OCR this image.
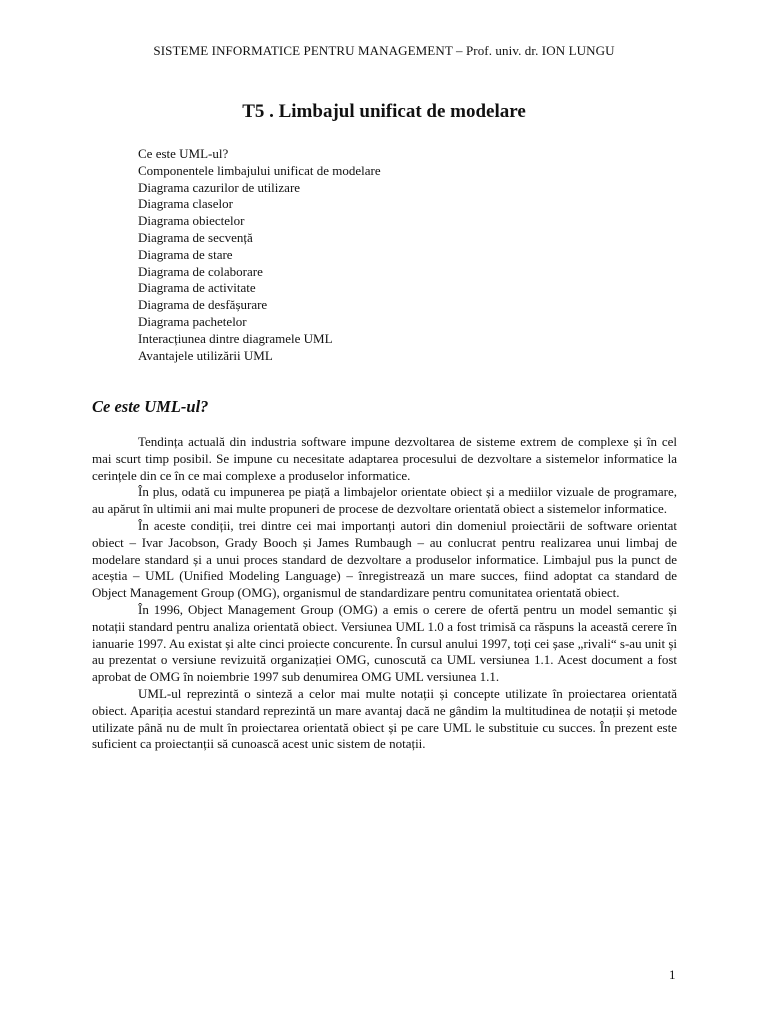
SISTEME INFORMATICE PENTRU MANAGEMENT – Prof. univ. dr. ION LUNGU
T5 . Limbajul unificat de modelare
Ce este UML-ul?
Componentele limbajului unificat de modelare
Diagrama cazurilor de utilizare
Diagrama claselor
Diagrama obiectelor
Diagrama de secvență
Diagrama de stare
Diagrama de colaborare
Diagrama de activitate
Diagrama de desfășurare
Diagrama pachetelor
Interacțiunea dintre diagramele UML
Avantajele utilizării UML
Ce este UML-ul?

Tendința actuală din industria software impune dezvoltarea de sisteme extrem de complexe și în cel mai scurt timp posibil. Se impune cu necesitate adaptarea procesului de dezvoltare a sistemelor informatice la cerințele din ce în ce mai complexe a produselor informatice.

În plus, odată cu impunerea pe piață a limbajelor orientate obiect și a mediilor vizuale de programare, au apărut în ultimii ani mai multe propuneri de procese de dezvoltare orientată obiect a sistemelor informatice.

În aceste condiții, trei dintre cei mai importanți autori din domeniul proiectării de software orientat obiect – Ivar Jacobson, Grady Booch și James Rumbaugh – au conlucrat pentru realizarea unui limbaj de modelare standard și a unui proces standard de dezvoltare a produselor informatice. Limbajul pus la punct de aceștia – UML (Unified Modeling Language) – înregistrează un mare succes, fiind adoptat ca standard de Object Management Group (OMG), organismul de standardizare pentru comunitatea orientată obiect.

În 1996, Object Management Group (OMG) a emis o cerere de ofertă pentru un model semantic și notații standard pentru analiza orientată obiect. Versiunea UML 1.0 a fost trimisă ca răspuns la această cerere în ianuarie 1997. Au existat și alte cinci proiecte concurente. În cursul anului 1997, toți cei șase „rivali“ s-au unit și au prezentat o versiune revizuită organizației OMG, cunoscută ca UML versiunea 1.1. Acest document a fost aprobat de OMG în noiembrie 1997 sub denumirea OMG UML versiunea 1.1.

UML-ul reprezintă o sinteză a celor mai multe notații și concepte utilizate în proiectarea orientată obiect. Apariția acestui standard reprezintă un mare avantaj dacă ne gândim la multitudinea de notații și metode utilizate până nu de mult în proiectarea orientată obiect și pe care UML le substituie cu succes. În prezent este suficient ca proiectanții să cunoască acest unic sistem de notații.

1
